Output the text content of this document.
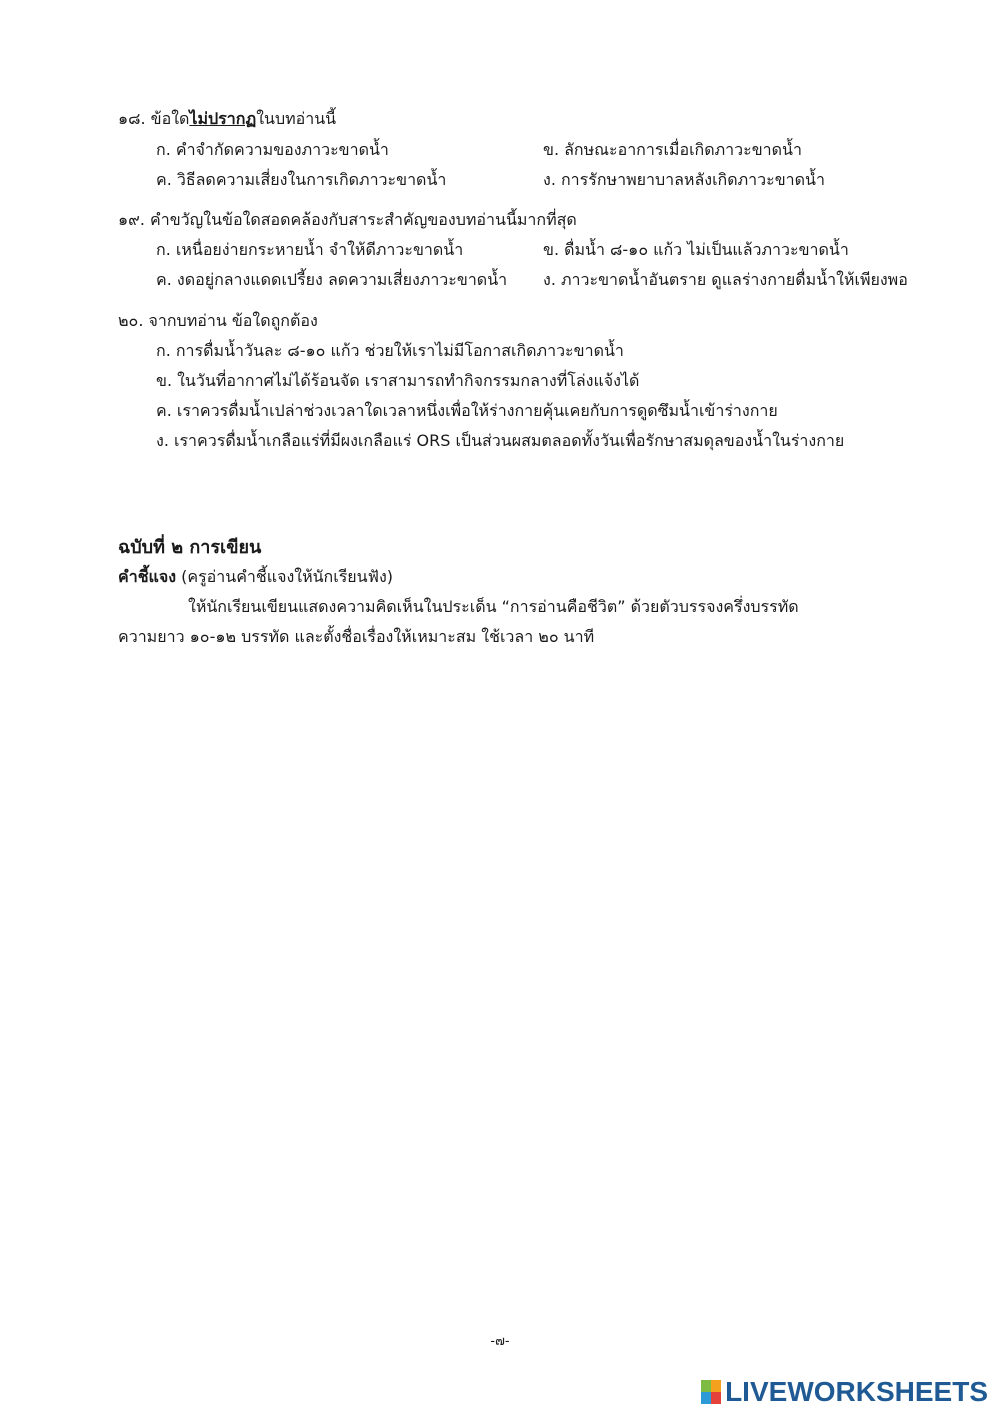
๑๘. ข้อใดไม่ปรากฏในบทอ่านนี้
ก. คำจำกัดความของภาวะขาดน้ำ	ข. ลักษณะอาการเมื่อเกิดภาวะขาดน้ำ
ค. วิธีลดความเสี่ยงในการเกิดภาวะขาดน้ำ	ง. การรักษาพยาบาลหลังเกิดภาวะขาดน้ำ
๑๙. คำขวัญในข้อใดสอดคล้องกับสาระสำคัญของบทอ่านนี้มากที่สุด
ก. เหนื่อยง่ายกระหายน้ำ จำให้ดีภาวะขาดน้ำ	ข. ดื่มน้ำ ๘-๑๐ แก้ว ไม่เป็นแล้วภาวะขาดน้ำ
ค. งดอยู่กลางแดดเปรี้ยง ลดความเสี่ยงภาวะขาดน้ำ ง. ภาวะขาดน้ำอันตราย ดูแลร่างกายดื่มน้ำให้เพียงพอ
๒๐. จากบทอ่าน ข้อใดถูกต้อง
ก. การดื่มน้ำวันละ ๘-๑๐ แก้ว ช่วยให้เราไม่มีโอกาสเกิดภาวะขาดน้ำ
ข. ในวันที่อากาศไม่ได้ร้อนจัด เราสามารถทำกิจกรรมกลางที่โล่งแจ้งได้
ค. เราควรดื่มน้ำเปล่าช่วงเวลาใดเวลาหนึ่งเพื่อให้ร่างกายคุ้นเคยกับการดูดซึมน้ำเข้าร่างกาย
ง. เราควรดื่มน้ำเกลือแร่ที่มีผงเกลือแร่ ORS เป็นส่วนผสมตลอดทั้งวันเพื่อรักษาสมดุลของน้ำในร่างกาย
ฉบับที่ ๒ การเขียน
คำชี้แจง (ครูอ่านคำชี้แจงให้นักเรียนฟัง)
ให้นักเรียนเขียนแสดงความคิดเห็นในประเด็น “การอ่านคือชีวิต” ด้วยตัวบรรจงครึ่งบรรทัด
ความยาว ๑๐-๑๒ บรรทัด และตั้งชื่อเรื่องให้เหมาะสม ใช้เวลา ๒๐ นาที
-๗-
LIVEWORKSHEETS
